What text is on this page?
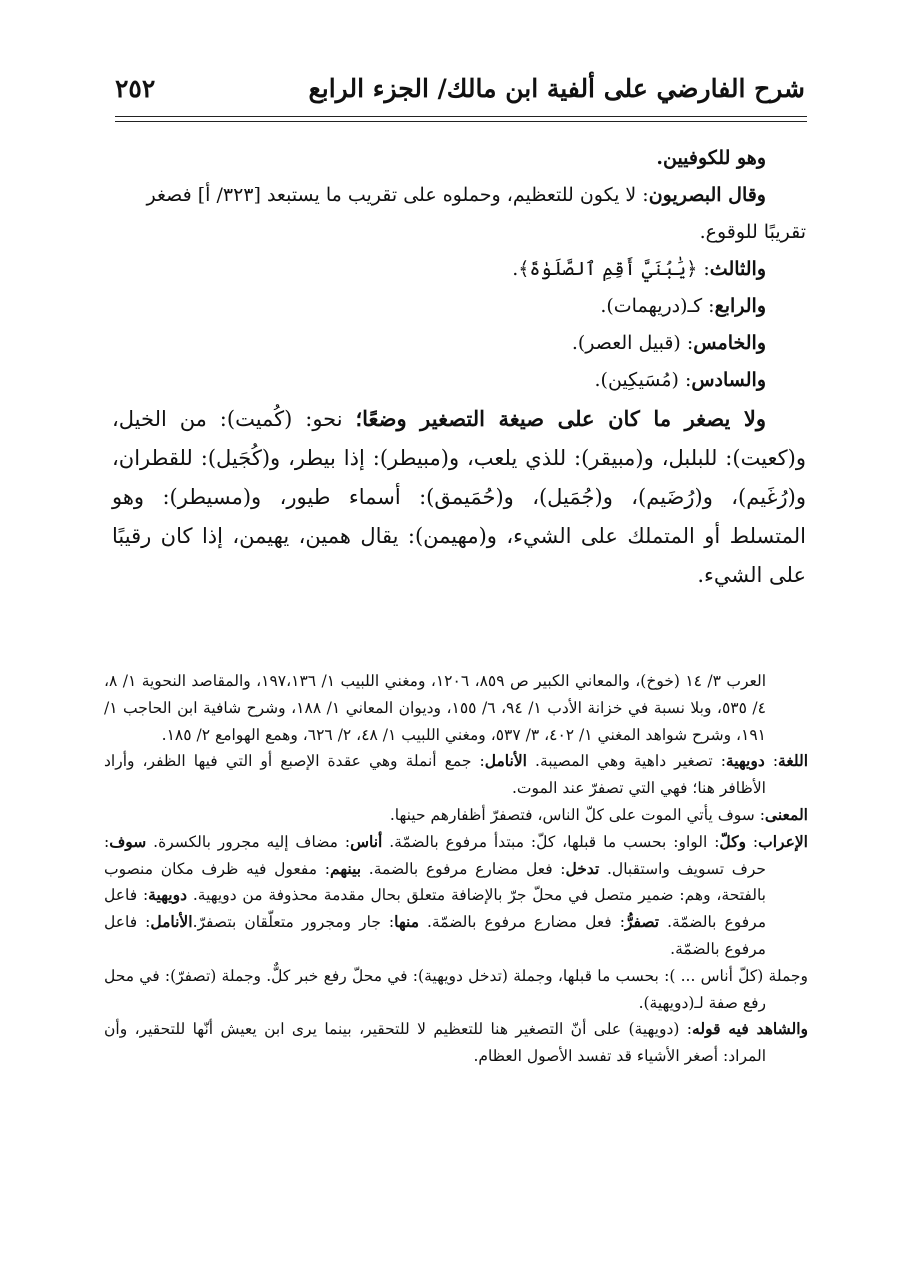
شرح الفارضي على ألفية ابن مالك/ الجزء الرابع
٢٥٢

وهو للكوفيين.

وقال البصريون: لا يكون للتعظيم، وحملوه على تقريب ما يستبعد [٣٢٣/ أ] فصغر تقريبًا للوقوع.

والثالث: ﴿يَٰبُنَيَّ أَقِمِ ٱلصَّلَوٰةَ﴾.

والرابع: كـ(دريهمات).

والخامس: (قبيل العصر).

والسادس: (مُسَيكِين).

ولا يصغر ما كان على صيغة التصغير وضعًا؛ نحو: (كُميت): من الخيل، و(كعيت): للبلبل، و(مبيقر): للذي يلعب، و(مبيطر): إذا بيطر، و(كُجَيل): للقطران، و(رُغَيم)، و(رُضَيم)، و(جُمَيل)، و(حُمَيمق): أسماء طيور، و(مسيطر): وهو المتسلط أو المتملك على الشيء، و(مهيمن): يقال همين، يهيمن، إذا كان رقيبًا على الشيء.

العرب ٣/ ١٤ (خوخ)، والمعاني الكبير ص ٨٥٩، ١٢٠٦، ومغني اللبيب ١/ ١٩٧،١٣٦، والمقاصد النحوية ١/ ٨، ٤/ ٥٣٥، وبلا نسبة في خزانة الأدب ١/ ٩٤، ٦/ ١٥٥، وديوان المعاني ١/ ١٨٨، وشرح شافية ابن الحاجب ١/ ١٩١، وشرح شواهد المغني ١/ ٤٠٢، ٣/ ٥٣٧، ومغني اللبيب ١/ ٤٨، ٢/ ٦٢٦، وهمع الهوامع ٢/ ١٨٥.

اللغة: دويهية: تصغير داهية وهي المصيبة. الأنامل: جمع أنملة وهي عقدة الإصبع أو التي فيها الظفر، وأراد الأظافر هنا؛ فهي التي تصفرّ عند الموت.

المعنى: سوف يأتي الموت على كلّ الناس، فتصفرّ أظفارهم حينها.

الإعراب: وكلّ: الواو: بحسب ما قبلها، كلّ: مبتدأ مرفوع بالضمّة. أناس: مضاف إليه مجرور بالكسرة. سوف: حرف تسويف واستقبال. تدخل: فعل مضارع مرفوع بالضمة. بينهم: مفعول فيه ظرف مكان منصوب بالفتحة، وهم: ضمير متصل في محلّ جرّ بالإضافة متعلق بحال مقدمة محذوفة من دويهية. دويهية: فاعل مرفوع بالضمّة. تصفرُّ: فعل مضارع مرفوع بالضمّة. منها: جار ومجرور متعلّقان بتصفرّ.الأنامل: فاعل مرفوع بالضمّة.

وجملة (كلّ أناس ... ): بحسب ما قبلها، وجملة (تدخل دويهية): في محلّ رفع خبر كلٌّ. وجملة (تصفرّ): في محل رفع صفة لـ(دويهية).

والشاهد فيه قوله: (دويهية) على أنّ التصغير هنا للتعظيم لا للتحقير، بينما يرى ابن يعيش أنّها للتحقير، وأن المراد: أصغر الأشياء قد تفسد الأصول العظام.
